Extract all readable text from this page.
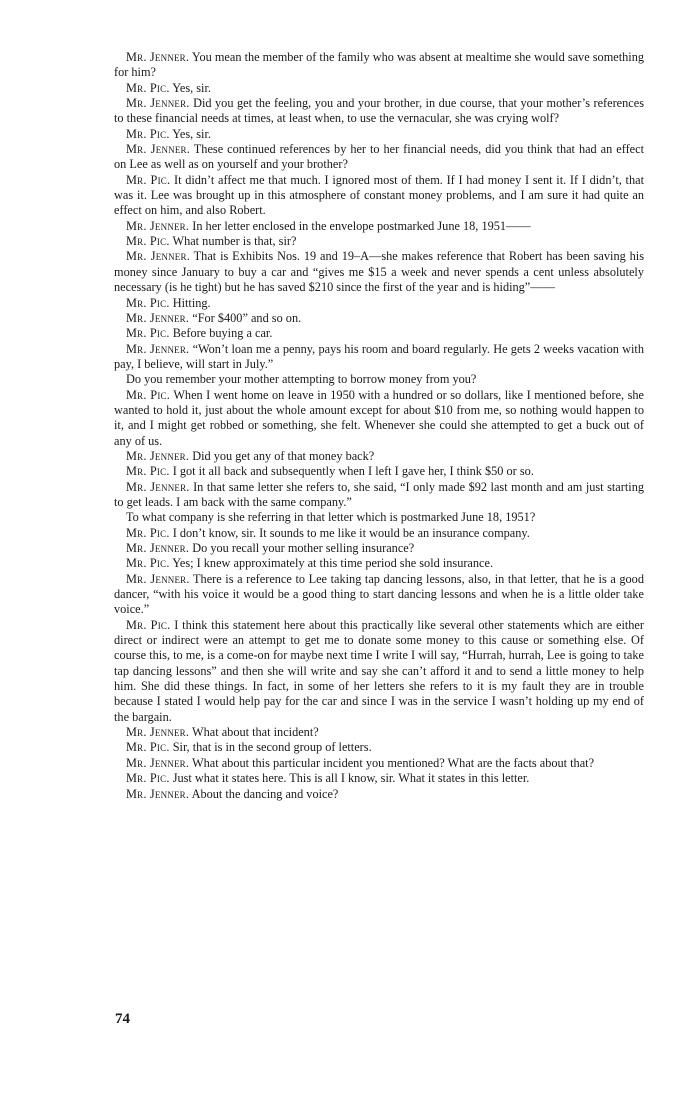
Mr. Jenner. You mean the member of the family who was absent at mealtime she would save something for him?

Mr. Pic. Yes, sir.

Mr. Jenner. Did you get the feeling, you and your brother, in due course, that your mother’s references to these financial needs at times, at least when, to use the vernacular, she was crying wolf?

Mr. Pic. Yes, sir.

Mr. Jenner. These continued references by her to her financial needs, did you think that had an effect on Lee as well as on yourself and your brother?

Mr. Pic. It didn’t affect me that much. I ignored most of them. If I had money I sent it. If I didn’t, that was it. Lee was brought up in this atmosphere of constant money problems, and I am sure it had quite an effect on him, and also Robert.

Mr. Jenner. In her letter enclosed in the envelope postmarked June 18, 1951——

Mr. Pic. What number is that, sir?

Mr. Jenner. That is Exhibits Nos. 19 and 19–A—she makes reference that Robert has been saving his money since January to buy a car and “gives me $15 a week and never spends a cent unless absolutely necessary (is he tight) but he has saved $210 since the first of the year and is hiding”——

Mr. Pic. Hitting.

Mr. Jenner. “For $400” and so on.

Mr. Pic. Before buying a car.

Mr. Jenner. “Won’t loan me a penny, pays his room and board regularly. He gets 2 weeks vacation with pay, I believe, will start in July.”

Do you remember your mother attempting to borrow money from you?

Mr. Pic. When I went home on leave in 1950 with a hundred or so dollars, like I mentioned before, she wanted to hold it, just about the whole amount except for about $10 from me, so nothing would happen to it, and I might get robbed or something, she felt. Whenever she could she attempted to get a buck out of any of us.

Mr. Jenner. Did you get any of that money back?

Mr. Pic. I got it all back and subsequently when I left I gave her, I think $50 or so.

Mr. Jenner. In that same letter she refers to, she said, “I only made $92 last month and am just starting to get leads. I am back with the same company.”

To what company is she referring in that letter which is postmarked June 18, 1951?

Mr. Pic. I don’t know, sir. It sounds to me like it would be an insurance company.

Mr. Jenner. Do you recall your mother selling insurance?

Mr. Pic. Yes; I knew approximately at this time period she sold insurance.

Mr. Jenner. There is a reference to Lee taking tap dancing lessons, also, in that letter, that he is a good dancer, “with his voice it would be a good thing to start dancing lessons and when he is a little older take voice.”

Mr. Pic. I think this statement here about this practically like several other statements which are either direct or indirect were an attempt to get me to donate some money to this cause or something else. Of course this, to me, is a come-on for maybe next time I write I will say, “Hurrah, hurrah, Lee is going to take tap dancing lessons” and then she will write and say she can’t afford it and to send a little money to help him. She did these things. In fact, in some of her letters she refers to it is my fault they are in trouble because I stated I would help pay for the car and since I was in the service I wasn’t holding up my end of the bargain.

Mr. Jenner. What about that incident?

Mr. Pic. Sir, that is in the second group of letters.

Mr. Jenner. What about this particular incident you mentioned? What are the facts about that?

Mr. Pic. Just what it states here. This is all I know, sir. What it states in this letter.

Mr. Jenner. About the dancing and voice?

74
